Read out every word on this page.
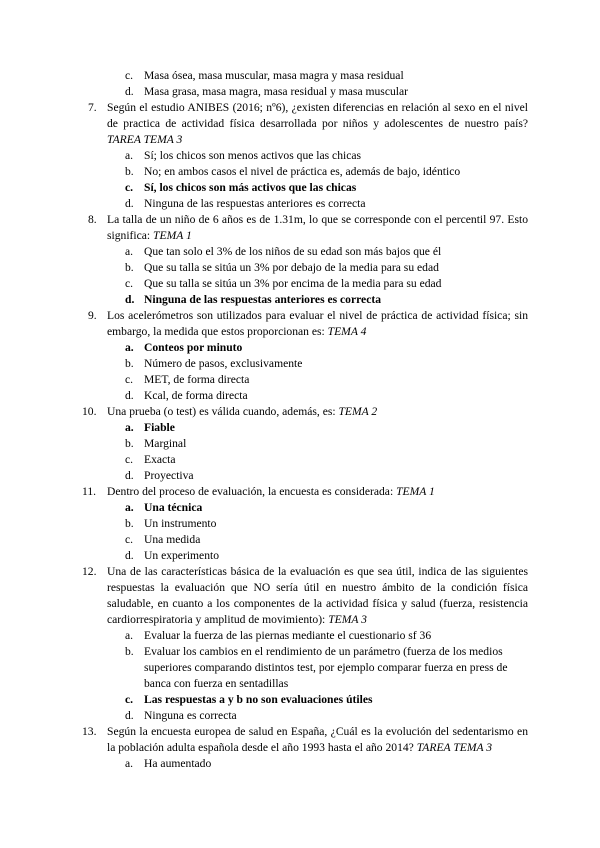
c. Masa ósea, masa muscular, masa magra y masa residual
d. Masa grasa, masa magra, masa residual y masa muscular
7. Según el estudio ANIBES (2016; nº6), ¿existen diferencias en relación al sexo en el nivel de practica de actividad física desarrollada por niños y adolescentes de nuestro país? TAREA TEMA 3
a. Sí; los chicos son menos activos que las chicas
b. No; en ambos casos el nivel de práctica es, además de bajo, idéntico
c. Sí, los chicos son más activos que las chicas
d. Ninguna de las respuestas anteriores es correcta
8. La talla de un niño de 6 años es de 1.31m, lo que se corresponde con el percentil 97. Esto significa: TEMA 1
a. Que tan solo el 3% de los niños de su edad son más bajos que él
b. Que su talla se sitúa un 3% por debajo de la media para su edad
c. Que su talla se sitúa un 3% por encima de la media para su edad
d. Ninguna de las respuestas anteriores es correcta
9. Los acelerómetros son utilizados para evaluar el nivel de práctica de actividad física; sin embargo, la medida que estos proporcionan es: TEMA 4
a. Conteos por minuto
b. Número de pasos, exclusivamente
c. MET, de forma directa
d. Kcal, de forma directa
10. Una prueba (o test) es válida cuando, además, es: TEMA 2
a. Fiable
b. Marginal
c. Exacta
d. Proyectiva
11. Dentro del proceso de evaluación, la encuesta es considerada: TEMA 1
a. Una técnica
b. Un instrumento
c. Una medida
d. Un experimento
12. Una de las características básica de la evaluación es que sea útil, indica de las siguientes respuestas la evaluación que NO sería útil en nuestro ámbito de la condición física saludable, en cuanto a los componentes de la actividad física y salud (fuerza, resistencia cardiorrespiratoria y amplitud de movimiento): TEMA 3
a. Evaluar la fuerza de las piernas mediante el cuestionario sf 36
b. Evaluar los cambios en el rendimiento de un parámetro (fuerza de los medios superiores comparando distintos test, por ejemplo comparar fuerza en press de banca con fuerza en sentadillas
c. Las respuestas a y b no son evaluaciones útiles
d. Ninguna es correcta
13. Según la encuesta europea de salud en España, ¿Cuál es la evolución del sedentarismo en la población adulta española desde el año 1993 hasta el año 2014? TAREA TEMA 3
a. Ha aumentado
